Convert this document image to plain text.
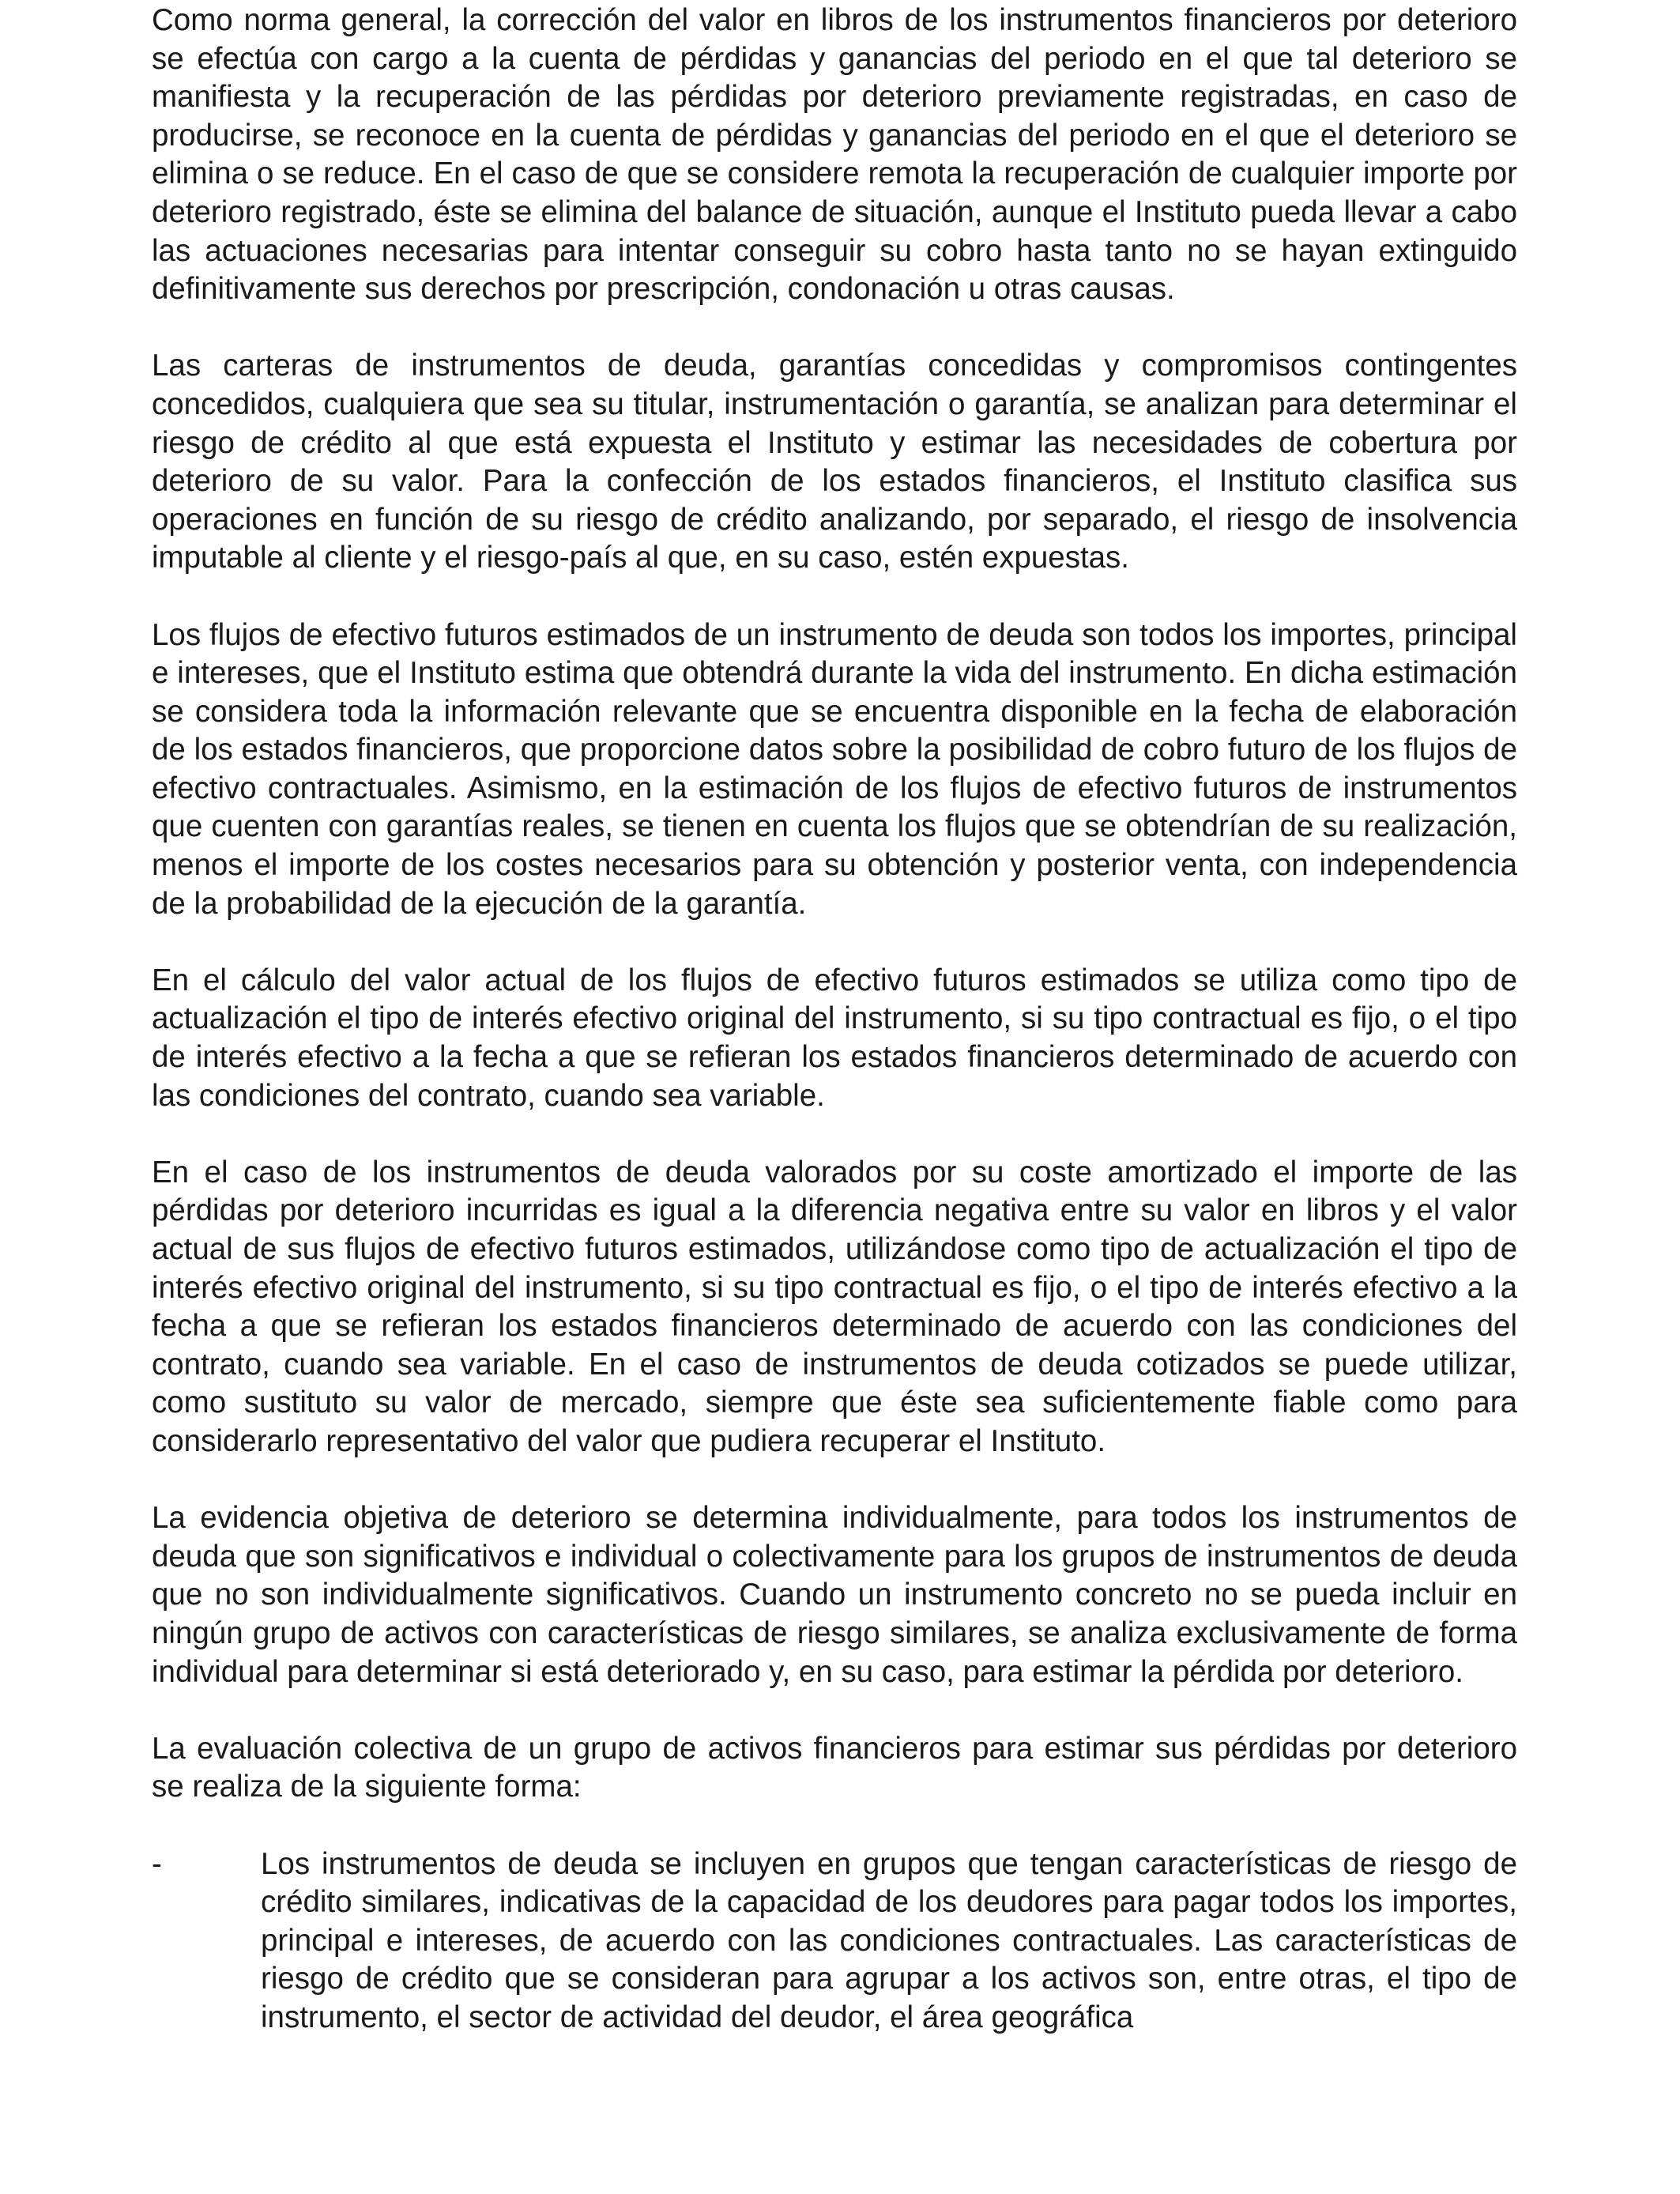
Como norma general, la corrección del valor en libros de los instrumentos financieros por deterioro se efectúa con cargo a la cuenta de pérdidas y ganancias del periodo en el que tal deterioro se manifiesta y la recuperación de las pérdidas por deterioro previamente registradas, en caso de producirse, se reconoce en la cuenta de pérdidas y ganancias del periodo en el que el deterioro se elimina o se reduce. En el caso de que se considere remota la recuperación de cualquier importe por deterioro registrado, éste se elimina del balance de situación, aunque el Instituto pueda llevar a cabo las actuaciones necesarias para intentar conseguir su cobro hasta tanto no se hayan extinguido definitivamente sus derechos por prescripción, condonación u otras causas.

Las carteras de instrumentos de deuda, garantías concedidas y compromisos contingentes concedidos, cualquiera que sea su titular, instrumentación o garantía, se analizan para determinar el riesgo de crédito al que está expuesta el Instituto y estimar las necesidades de cobertura por deterioro de su valor. Para la confección de los estados financieros, el Instituto clasifica sus operaciones en función de su riesgo de crédito analizando, por separado, el riesgo de insolvencia imputable al cliente y el riesgo-país al que, en su caso, estén expuestas.

Los flujos de efectivo futuros estimados de un instrumento de deuda son todos los importes, principal e intereses, que el Instituto estima que obtendrá durante la vida del instrumento. En dicha estimación se considera toda la información relevante que se encuentra disponible en la fecha de elaboración de los estados financieros, que proporcione datos sobre la posibilidad de cobro futuro de los flujos de efectivo contractuales. Asimismo, en la estimación de los flujos de efectivo futuros de instrumentos que cuenten con garantías reales, se tienen en cuenta los flujos que se obtendrían de su realización, menos el importe de los costes necesarios para su obtención y posterior venta, con independencia de la probabilidad de la ejecución de la garantía.

En el cálculo del valor actual de los flujos de efectivo futuros estimados se utiliza como tipo de actualización el tipo de interés efectivo original del instrumento, si su tipo contractual es fijo, o el tipo de interés efectivo a la fecha a que se refieran los estados financieros determinado de acuerdo con las condiciones del contrato, cuando sea variable.

En el caso de los instrumentos de deuda valorados por su coste amortizado el importe de las pérdidas por deterioro incurridas es igual a la diferencia negativa entre su valor en libros y el valor actual de sus flujos de efectivo futuros estimados, utilizándose como tipo de actualización el tipo de interés efectivo original del instrumento, si su tipo contractual es fijo, o el tipo de interés efectivo a la fecha a que se refieran los estados financieros determinado de acuerdo con las condiciones del contrato, cuando sea variable. En el caso de instrumentos de deuda cotizados se puede utilizar, como sustituto su valor de mercado, siempre que éste sea suficientemente fiable como para considerarlo representativo del valor que pudiera recuperar el Instituto.

La evidencia objetiva de deterioro se determina individualmente, para todos los instrumentos de deuda que son significativos e individual o colectivamente para los grupos de instrumentos de deuda que no son individualmente significativos. Cuando un instrumento concreto no se pueda incluir en ningún grupo de activos con características de riesgo similares, se analiza exclusivamente de forma individual para determinar si está deteriorado y, en su caso, para estimar la pérdida por deterioro.

La evaluación colectiva de un grupo de activos financieros para estimar sus pérdidas por deterioro se realiza de la siguiente forma:

-	Los instrumentos de deuda se incluyen en grupos que tengan características de riesgo de crédito similares, indicativas de la capacidad de los deudores para pagar todos los importes, principal e intereses, de acuerdo con las condiciones contractuales. Las características de riesgo de crédito que se consideran para agrupar a los activos son, entre otras, el tipo de instrumento, el sector de actividad del deudor, el área geográfica
